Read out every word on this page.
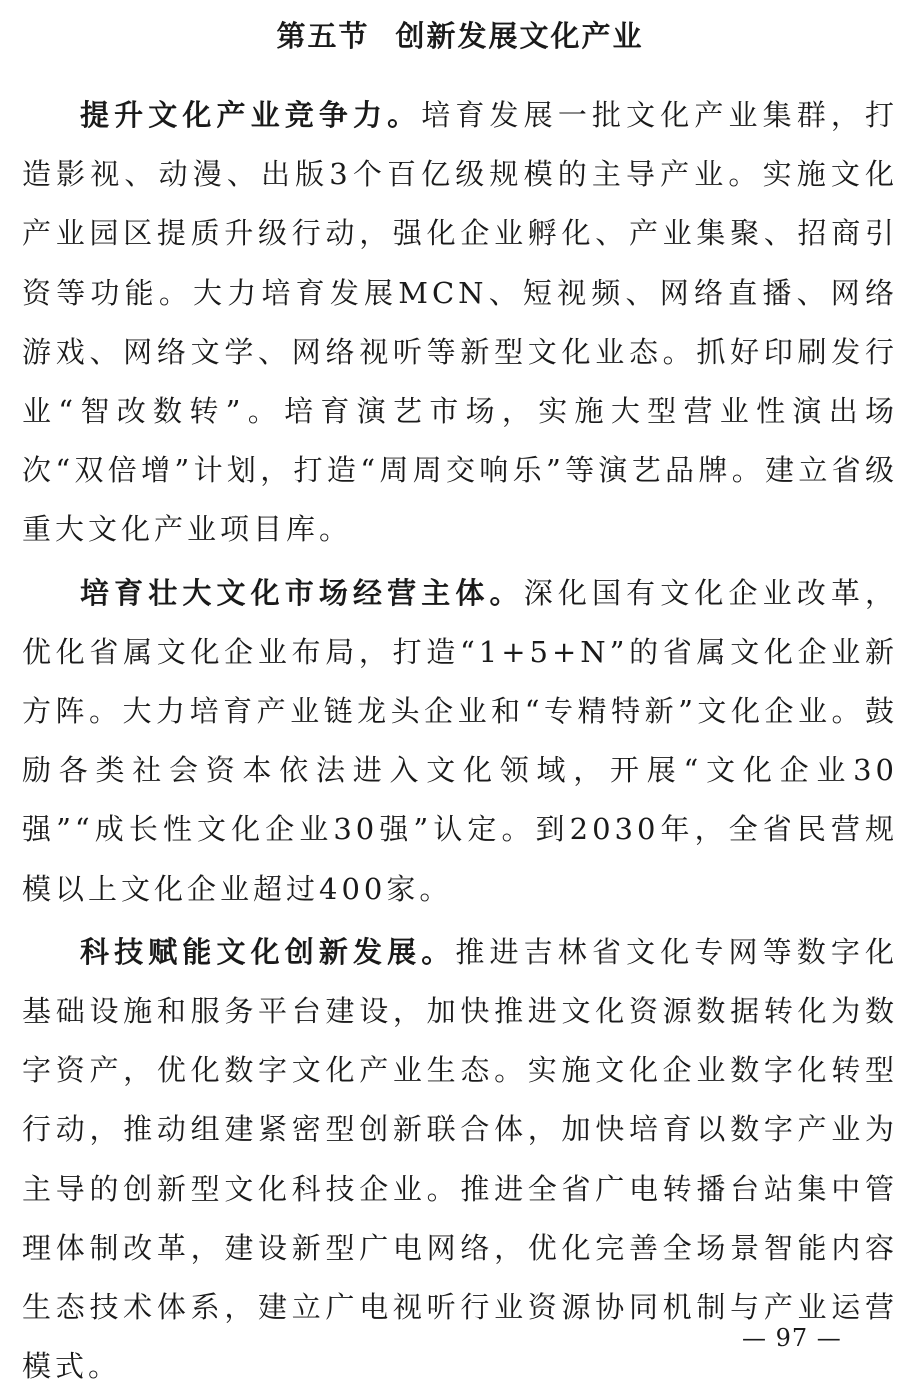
第五节 创新发展文化产业

提升文化产业竞争力。培育发展一批文化产业集群，打造影视、动漫、出版3个百亿级规模的主导产业。实施文化产业园区提质升级行动，强化企业孵化、产业集聚、招商引资等功能。大力培育发展MCN、短视频、网络直播、网络游戏、网络文学、网络视听等新型文化业态。抓好印刷发行业“智改数转”。培育演艺市场，实施大型营业性演出场次“双倍增”计划，打造“周周交响乐”等演艺品牌。建立省级重大文化产业项目库。

培育壮大文化市场经营主体。深化国有文化企业改革，优化省属文化企业布局，打造“1+5+N”的省属文化企业新方阵。大力培育产业链龙头企业和“专精特新”文化企业。鼓励各类社会资本依法进入文化领域，开展“文化企业30强”“成长性文化企业30强”认定。到2030年，全省民营规模以上文化企业超过400家。

科技赋能文化创新发展。推进吉林省文化专网等数字化基础设施和服务平台建设，加快推进文化资源数据转化为数字资产，优化数字文化产业生态。实施文化企业数字化转型行动，推动组建紧密型创新联合体，加快培育以数字产业为主导的创新型文化科技企业。推进全省广电转播台站集中管理体制改革，建设新型广电网络，优化完善全场景智能内容生态技术体系，建立广电视听行业资源协同机制与产业运营模式。

— 97 —
